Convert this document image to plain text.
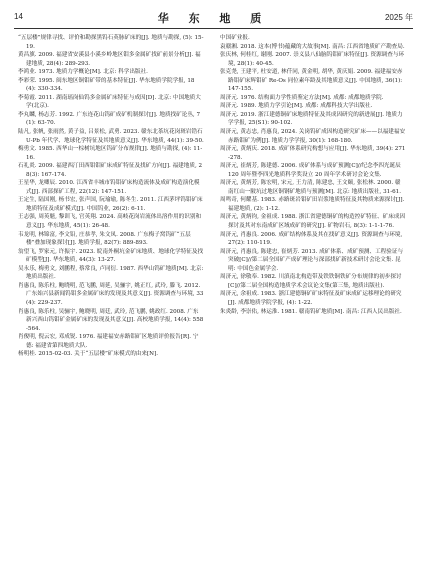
14	华 东 地 质	2025 年

“五层楼”规律寻找、评价和勘探黑钨石英脉矿床的[J]. 地质与勘探, (5): 15-19.

黄昌旗. 2009. 福建省安溪县小溪乡岭地区钼多金属矿找矿前景分析[J]. 福建地质, 28(4): 289-293.

李鸿业. 1973. 地质力学概论[M]. 北京: 科学出版社.

李彩荣. 1995. 闽东地区铜钼矿带的基本特征[J]. 华东地质学院学报, 18(4): 330-334.

李菊霞. 2011. 湖南瑶岗仙钨多金属矿床特征与成因[D]. 北京: 中国地质大学(北京).

李丸麟, 杨志芳. 1992. 广东连花山钨矿成矿机制探讨[J]. 地质找矿论丛, 7(1): 63-70.

陆凡, 张帆, 张雨然, 黄子益, 吕景松, 武勇. 2023. 赣东北茶坑花岗斑岩锆石 U-Pb 年代学、地球化学特征及其地质意义[J]. 华东地质, 44(1): 39-50.

梅勇文. 1985. 西华山一棕树坑地区钨矿分布规律[J]. 地质与勘探, (4): 11-16.

石礼炎. 2009. 福建西汀田西钼钼矿床成矿特征及找矿方向[J]. 福建地质, 28(3): 167-174.

王星华, 龙卿辰. 2010. 江西省丰城市钨钼矿床构造流体及成矿构造演化模式[J]. 西部探矿工程, 22(12): 147-151.

王定生, 陆国刚, 杨书宏, 张声国, 阮瑜瑜, 陈冬生. 2011. 江西茅坪钨钼矿床地质特征及成矿模式[J]. 中国钨业, 26(2): 6-11.

王志强, 周英魁, 黎训飞, 官英翔. 2024. 高岐花岗岩流体出溶作用的识别和意义[J]. 华东地质, 45(1): 26-48.

韦龙明, 林锦富, 李文铅, 庄恭孝, 朱文凤. 2008. 广东梅子窝钨矿“五层楼”叠加现象探讨[J]. 地质学报, 82(7): 889-893.

翁望飞, 罗家元, 许振宇. 2023. 皖南外桐坑金矿床地质、地球化学特征及找矿模型[J]. 华东地质, 44(3): 13-27.

吴永乐, 梅勇文, 刘鹏程, 蔡常良, 卢同衍. 1987. 西华山钨矿地质[M]. 北京: 地质出版社.

肖惠良, 陈乐柱, 鲍晓明, 范飞鹏, 周延, 吴骊宇, 姚正红, 武玲, 滕飞. 2012. 广东始兴县新闻钨钼多金属矿床的发现及其意义[J]. 资源调查与环境, 33(4): 229-237.

肖惠良, 陈乐柱, 吴骊宇, 鲍晓明, 周廷, 武玲, 范飞鹏, 姚政红. 2008. 广东新兴西山钨钼矿金属矿床的发现及其意义[J]. 高校地质学报, 14(4): 558-564.

肖俊明, 倪云宏, 邓成锐. 1976. 福建福安赤路钼矿区地质评价报告[R]. 宁德: 福建省第四地质大队.

杨明桂. 2015-02-03. 关于“五层楼”矿床模式的由来[N].

中国矿业报.

袁赣湘. 2018. 这本(博书)蕴藏的大故事[M]. 南昌: 江西省地质矿产勘查局.

张庆林, 何桂红, 谢刚. 2007. 崇义县八仙脑钨钼矿床特征[J]. 资源调查与环境, 28(1): 40-45.

张克尧, 王建平, 杜安道, 林仟同, 黄金明, 胡华, 黄庆娟. 2009. 福建福安赤路钼矿床辉钼矿 Re-Os 同位素年龄及其地质意义[J]. 中国地质, 36(1): 147-155.

周济元. 1976. 结构面力学性质鉴定方法[M]. 成都: 成都地质学院.

周济元. 1989. 地质力学引论[M]. 成都: 成都科技大学出版社.

周济元. 2019. 浙江建德铜矿床地质特征及其成因研究的新进展[J]. 地质力学学报, 25(S1): 90-102.

周济元, 黄志忠, 肖惠良, 2024. 关岗钨矿成因构造研究矿床——以福建福安赤路钼矿为例[J]. 地质力学学报, 30(1): 168-180.

周济元, 黄炳庆. 2018. 成矿体系研究构想与应用[J]. 华东地质, 39(4): 271-278.

周济元, 崔炳芳, 陈建德. 2006. 成矿体系与成矿预测[C]//纪念李四光诞辰 120 周年暨李四光地质科学奖设立 20 周年学术研讨会论文集.

周济元, 黄炳芳, 陈宏明, 宋元, 王力清, 陈建忠, 王文颐, 张松林. 2000. 赣南红山一陂坑过地区铜钢矿地质与预测[M]. 北京: 地质出版社, 31-61.

周鸣奇, 何耀基. 1983. 赤路斑岩钼矿田岩浆地质特征及其物质来源探讨[J]. 福建地质, (2): 1-12.

周济元, 黄炳钧, 金祖成. 1988. 浙江省建德铜矿的构造控矿特征、矿床成因探讨及其对东南成矿区域成矿的研究[J]. 矿物岩石, 8(3): 1-1-1-76.

周济元, 肖惠良. 2006. 成矿结构体系及其在找矿意义[J]. 资源调查与环境, 27(2): 110-119.

周济元, 肖惠良, 陈建忠, 崔炳芳. 2013. 成矿体系、成矿预测、工程验证与突破[C]//第二届全国矿产成矿理论与深部找矿新技术研讨会论文集. 昆明: 中国色金属学会.

周济元, 徐敬奉. 1982. 川滇南北构造带及铁铁铜铁矿分布规律的初步探讨[C]//第二届全国构造地质学术会议论文集(第三集, 地质出版社).

周济元, 余祖成. 1983. 浙江建德铜矿矿床特征及矿床成矿运移理论的研究[J]. 成都地质学院学报, (4): 1-22.

朱炎龄, 李崇佑, 林运淮. 1981. 赣南钨矿地质[M]. 南昌: 江西人民出版社.
